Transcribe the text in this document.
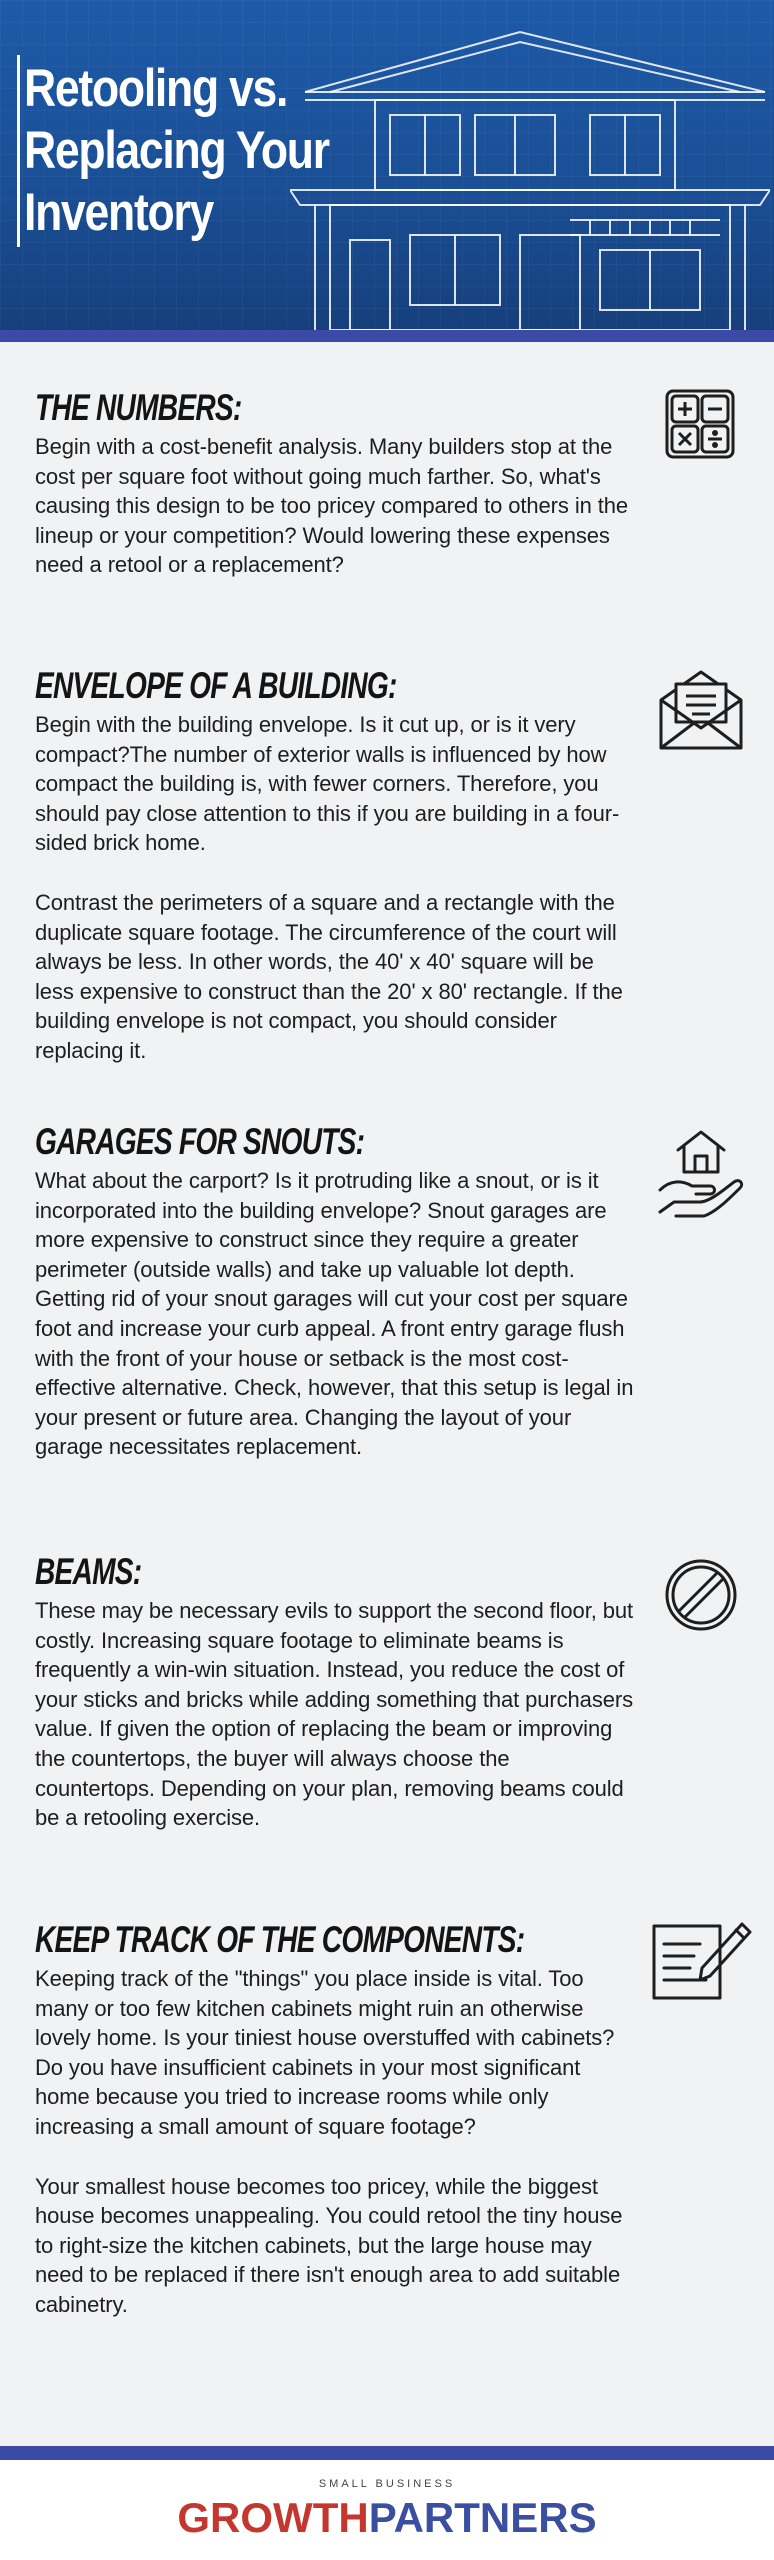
Retooling vs.
Replacing Your
Inventory
THE NUMBERS:

Begin with a cost-benefit analysis. Many builders stop at the cost per square foot without going much farther. So, what's causing this design to be too pricey compared to others in the lineup or your competition? Would lowering these expenses need a retool or a replacement?

ENVELOPE OF A BUILDING:

Begin with the building envelope. Is it cut up, or is it very compact?The number of exterior walls is influenced by how compact the building is, with fewer corners. Therefore, you should pay close attention to this if you are building in a four-sided brick home.

Contrast the perimeters of a square and a rectangle with the duplicate square footage. The circumference of the court will always be less. In other words, the 40' x 40' square will be less expensive to construct than the 20' x 80' rectangle. If the building envelope is not compact, you should consider replacing it.

GARAGES FOR SNOUTS:

What about the carport? Is it protruding like a snout, or is it incorporated into the building envelope? Snout garages are more expensive to construct since they require a greater perimeter (outside walls) and take up valuable lot depth. Getting rid of your snout garages will cut your cost per square foot and increase your curb appeal. A front entry garage flush with the front of your house or setback is the most cost-effective alternative. Check, however, that this setup is legal in your present or future area. Changing the layout of your garage necessitates replacement.

BEAMS:

These may be necessary evils to support the second floor, but costly. Increasing square footage to eliminate beams is frequently a win-win situation. Instead, you reduce the cost of your sticks and bricks while adding something that purchasers value. If given the option of replacing the beam or improving the countertops, the buyer will always choose the countertops. Depending on your plan, removing beams could be a retooling exercise.

KEEP TRACK OF THE COMPONENTS:

Keeping track of the "things" you place inside is vital. Too many or too few kitchen cabinets might ruin an otherwise lovely home. Is your tiniest house overstuffed with cabinets? Do you have insufficient cabinets in your most significant home because you tried to increase rooms while only increasing a small amount of square footage?

Your smallest house becomes too pricey, while the biggest house becomes unappealing. You could retool the tiny house to right-size the kitchen cabinets, but the large house may need to be replaced if there isn't enough area to add suitable cabinetry.

SMALL BUSINESS
GROWTHPARTNERS
